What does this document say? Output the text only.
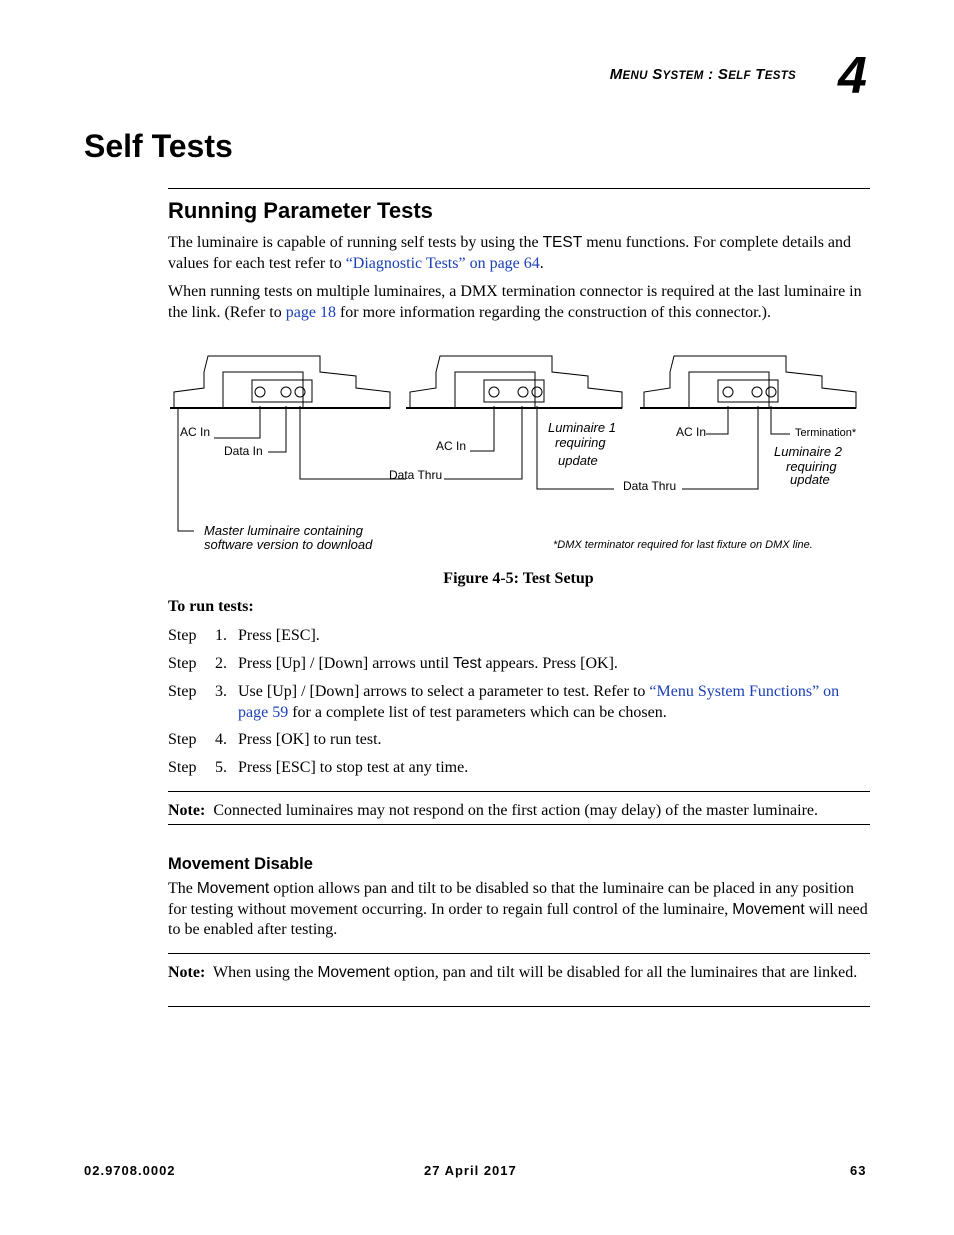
MENU SYSTEM : SELF TESTS 4
Self Tests
Running Parameter Tests
The luminaire is capable of running self tests by using the TEST menu functions. For complete details and values for each test refer to “Diagnostic Tests” on page 64.
When running tests on multiple luminaires, a DMX termination connector is required at the last luminaire in the link. (Refer to page 18 for more information regarding the construction of this connector.).
AC In
Data In
Data Thru
AC In
Luminaire 1
requiring
update
Data Thru
AC In	Termination*
Luminaire 2
requiring
update
Master luminaire containing
software version to download	*DMX terminator required for last fixture on DMX line.
Figure 4-5: Test Setup
To run tests:
Step 1. Press [ESC].
Step 2. Press [Up] / [Down] arrows until Test appears. Press [OK].
Step 3. Use [Up] / [Down] arrows to select a parameter to test. Refer to “Menu System Functions” on page 59 for a complete list of test parameters which can be chosen.
Step 4. Press [OK] to run test.
Step 5. Press [ESC] to stop test at any time.
Note:  Connected luminaires may not respond on the first action (may delay) of the master luminaire.
Movement Disable
The Movement option allows pan and tilt to be disabled so that the luminaire can be placed in any position for testing without movement occurring. In order to regain full control of the luminaire, Movement will need to be enabled after testing.
Note:  When using the Movement option, pan and tilt will be disabled for all the luminaires that are linked.
02.9708.0002	27 April 2017	63
